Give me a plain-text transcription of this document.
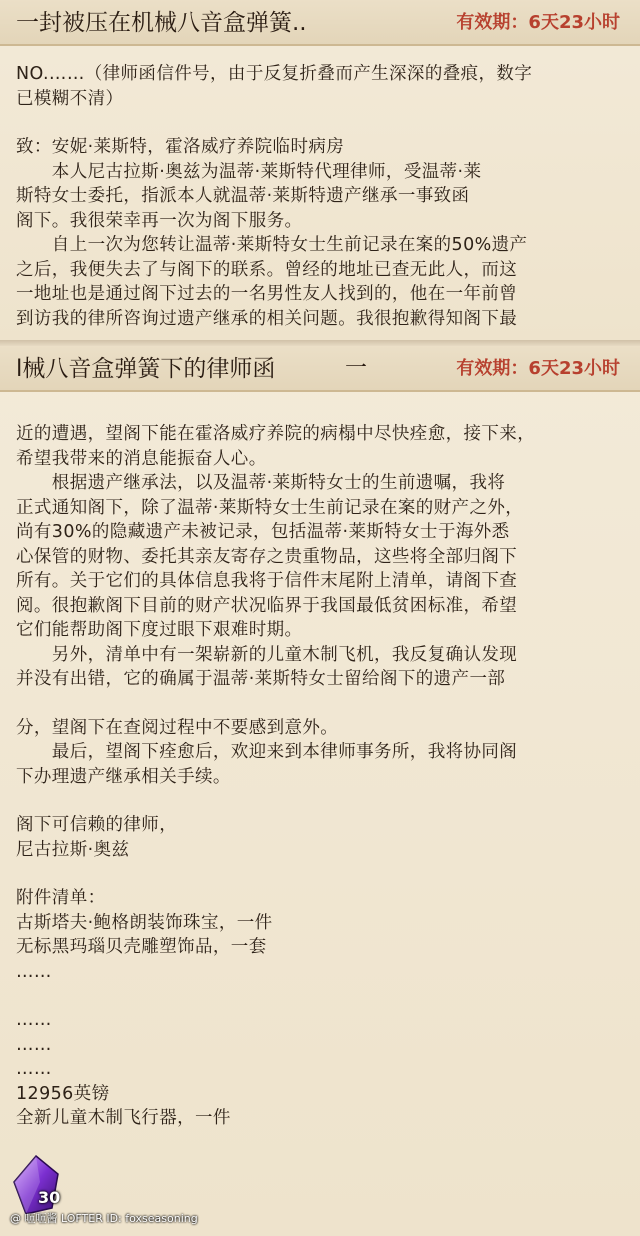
一封被压在机械八音盒弹簧..	有效期：6天23小时
NO.……（律师函信件号，由于反复折叠而产生深深的叠痕，数字
已模糊不清）
致：安妮·莱斯特，霍洛威疗养院临时病房
　　本人尼古拉斯·奥兹为温蒂·莱斯特代理律师，受温蒂·莱
斯特女士委托，指派本人就温蒂·莱斯特遗产继承一事致函
阁下。我很荣幸再一次为阁下服务。
　　自上一次为您转让温蒂·莱斯特女士生前记录在案的50%遗产
之后，我便失去了与阁下的联系。曾经的地址已查无此人，而这
一地址也是通过阁下过去的一名男性友人找到的，他在一年前曾
到访我的律所咨询过遗产继承的相关问题。我很抱歉得知阁下最
l械八音盒弹簧下的律师函	一	有效期：6天23小时
近的遭遇，望阁下能在霍洛威疗养院的病榻中尽快痊愈，接下来，
希望我带来的消息能振奋人心。
　　根据遗产继承法，以及温蒂·莱斯特女士的生前遗嘱，我将
正式通知阁下，除了温蒂·莱斯特女士生前记录在案的财产之外，
尚有30%的隐藏遗产未被记录，包括温蒂·莱斯特女士于海外悉
心保管的财物、委托其亲友寄存之贵重物品，这些将全部归阁下
所有。关于它们的具体信息我将于信件末尾附上清单，请阁下查
阅。很抱歉阁下目前的财产状况临界于我国最低贫困标准，希望
它们能帮助阁下度过眼下艰难时期。
　　另外，清单中有一架崭新的儿童木制飞机，我反复确认发现
并没有出错，它的确属于温蒂·莱斯特女士留给阁下的遗产一部
分，望阁下在查阅过程中不要感到意外。
　　最后，望阁下痊愈后，欢迎来到本律师事务所，我将协同阁
下办理遗产继承相关手续。
阁下可信赖的律师，
尼古拉斯·奥兹
附件清单：
古斯塔夫·鲍格朗装饰珠宝，一件
无标黑玛瑙贝壳雕塑饰品，一套
……
……
……
……
12956英镑
全新儿童木制飞行器，一件
30
@ 咂咂酱 LOFTER ID: foxseasoning
